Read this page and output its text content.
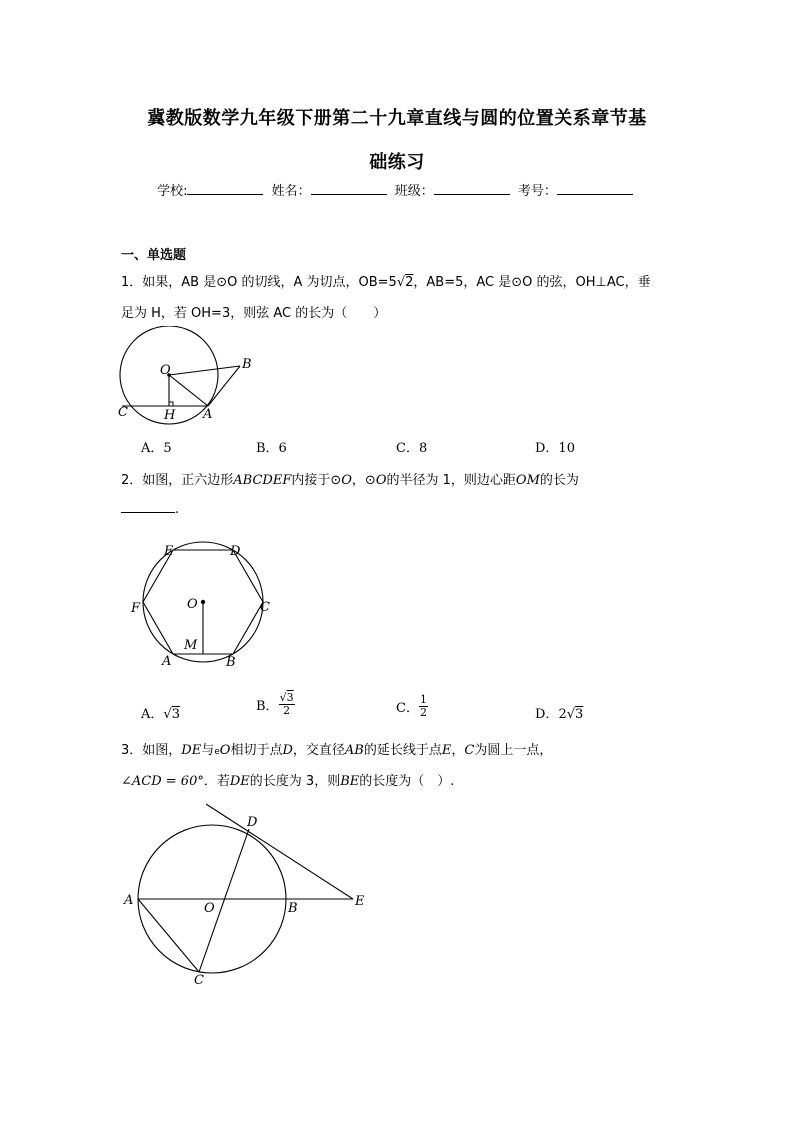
冀教版数学九年级下册第二十九章直线与圆的位置关系章节基
础练习
学校:	姓名：	班级：	考号：
一、单选题
1．如果，AB 是⊙O 的切线，A 为切点，OB=5√2，AB=5，AC 是⊙O 的弦，OH⊥AC，垂
足为 H，若 OH=3，则弦 AC 的长为（　　）
O	B
C	H A
A．5	B．6	C．8	D．10
2．如图，正六边形ABCDEF内接于⊙O，⊙O的半径为 1，则边心距OM的长为
.
E	D
F	C
O
M
A	B
A．√3
B． $\frac{√3}{2}$	C． $\frac{1}{2}$	D．2√3
3．如图，DE与eO相切于点D，交直径AB的延长线于点E，C为圆上一点，
∠ACD = 60°．若DE的长度为 3，则BE的长度为（　）.
D
A
O	B	E
C
